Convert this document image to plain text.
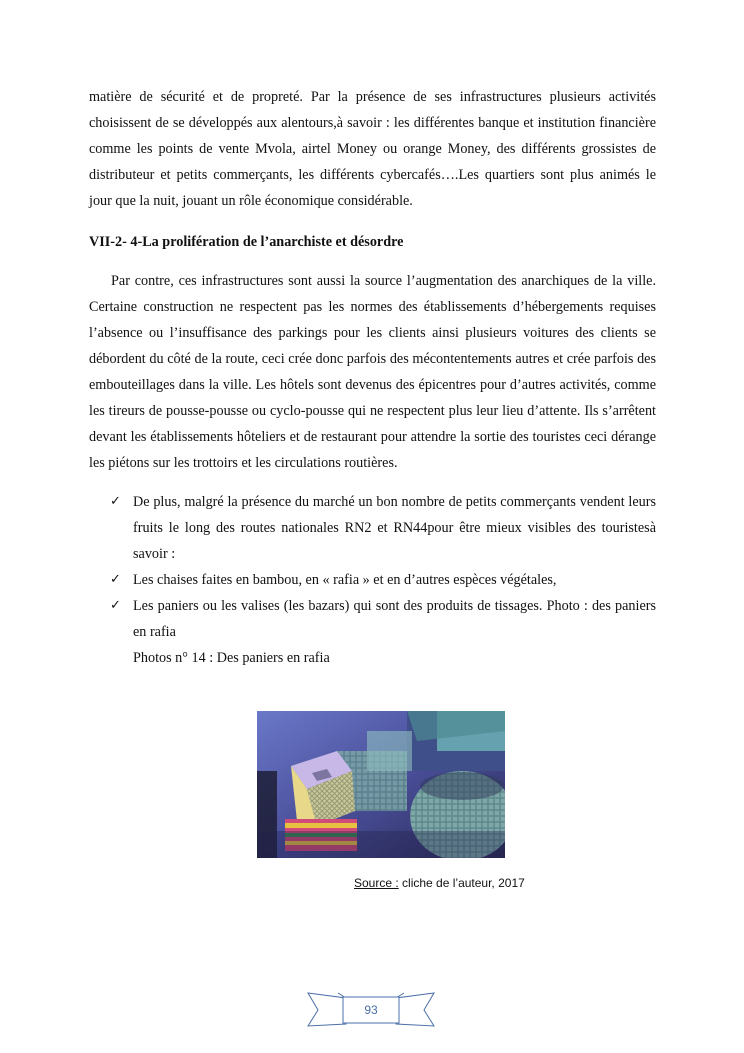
matière de sécurité et de propreté. Par la présence de ses infrastructures plusieurs activités choisissent de se développés aux alentours,à savoir : les différentes banque et institution financière comme les points de vente Mvola, airtel Money ou orange Money, des différents grossistes de distributeur et petits commerçants, les différents cybercafés….Les quartiers sont plus animés le jour que la nuit, jouant un rôle économique considérable.

VII-2- 4-La prolifération de l’anarchiste et désordre

Par contre, ces infrastructures sont aussi la source l’augmentation des anarchiques de la ville. Certaine construction ne respectent pas les normes des établissements d’hébergements requises l’absence ou l’insuffisance des parkings pour les clients ainsi plusieurs voitures des clients se débordent du côté de la route, ceci crée donc parfois des mécontentements autres et crée parfois des embouteillages dans la ville. Les hôtels sont devenus des épicentres pour d’autres activités, comme les tireurs de pousse-pousse ou cyclo-pousse qui ne respectent plus leur lieu d’attente. Ils s’arrêtent devant les établissements hôteliers et de restaurant pour attendre la sortie des touristes ceci dérange les piétons sur les trottoirs et les circulations routières.

✓ De plus, malgré la présence du marché un bon nombre de petits commerçants vendent leurs fruits le long des routes nationales RN2 et RN44pour être mieux visibles des touristesà savoir :
✓ Les chaises faites en bambou, en « rafia » et en d’autres espèces végétales,
✓ Les paniers ou les valises (les bazars) qui sont des produits de tissages. Photo : des paniers en rafia
Photos n° 14 : Des paniers en rafia
Source : cliche de l’auteur, 2017
93
